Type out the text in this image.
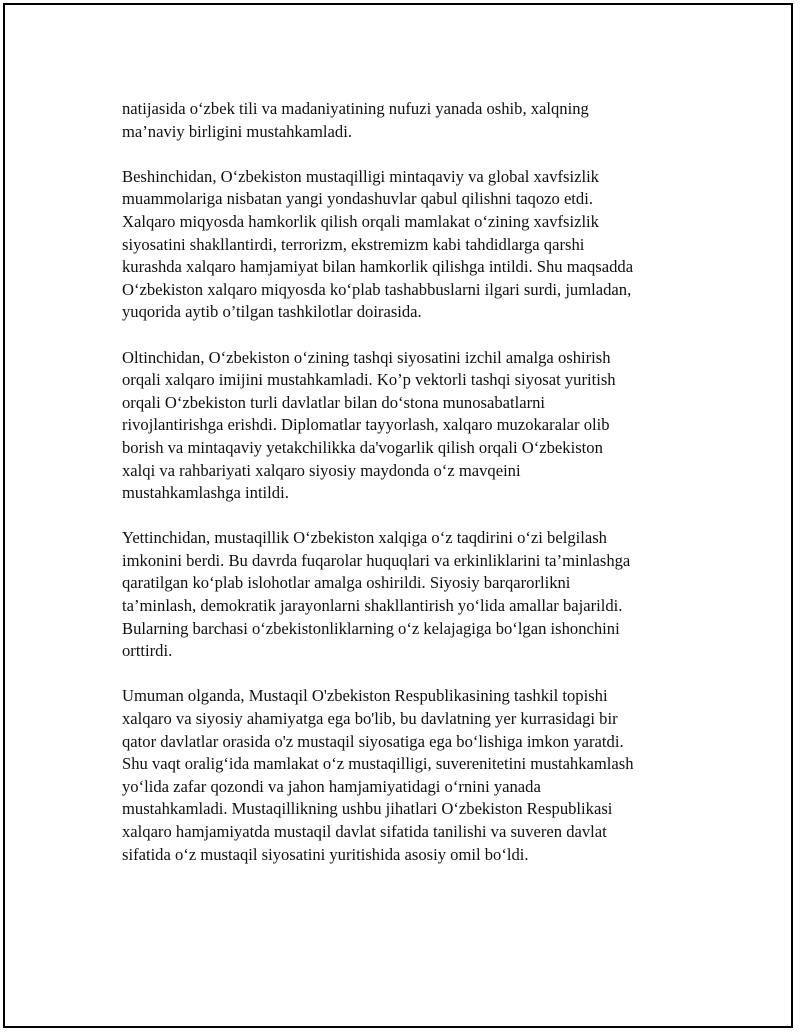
natijasida o‘zbek tili va madaniyatining nufuzi yanada oshib, xalqning
ma’naviy birligini mustahkamladi.

Beshinchidan, O‘zbekiston mustaqilligi mintaqaviy va global xavfsizlik
muammolariga nisbatan yangi yondashuvlar qabul qilishni taqozo etdi.
Xalqaro miqyosda hamkorlik qilish orqali mamlakat o‘zining xavfsizlik
siyosatini shakllantirdi, terrorizm, ekstremizm kabi tahdidlarga qarshi
kurashda xalqaro hamjamiyat bilan hamkorlik qilishga intildi. Shu maqsadda
O‘zbekiston xalqaro miqyosda ko‘plab tashabbuslarni ilgari surdi, jumladan,
yuqorida aytib o’tilgan tashkilotlar doirasida.

Oltinchidan, O‘zbekiston o‘zining tashqi siyosatini izchil amalga oshirish
orqali xalqaro imijini mustahkamladi. Ko’p vektorli tashqi siyosat yuritish
orqali O‘zbekiston turli davlatlar bilan do‘stona munosabatlarni
rivojlantirishga erishdi. Diplomatlar tayyorlash, xalqaro muzokaralar olib
borish va mintaqaviy yetakchilikka da'vogarlik qilish orqali O‘zbekiston
xalqi va rahbariyati xalqaro siyosiy maydonda o‘z mavqeini
mustahkamlashga intildi.

Yettinchidan, mustaqillik O‘zbekiston xalqiga o‘z taqdirini o‘zi belgilash
imkonini berdi. Bu davrda fuqarolar huquqlari va erkinliklarini ta’minlashga
qaratilgan ko‘plab islohotlar amalga oshirildi. Siyosiy barqarorlikni
ta’minlash, demokratik jarayonlarni shakllantirish yo‘lida amallar bajarildi.
Bularning barchasi o‘zbekistonliklarning o‘z kelajagiga bo‘lgan ishonchini
orttirdi.

Umuman olganda, Mustaqil O'zbekiston Respublikasining tashkil topishi
xalqaro va siyosiy ahamiyatga ega bo'lib, bu davlatning yer kurrasidagi bir
qator davlatlar orasida o'z mustaqil siyosatiga ega bo‘lishiga imkon yaratdi.
Shu vaqt oralig‘ida mamlakat o‘z mustaqilligi, suverenitetini mustahkamlash
yo‘lida zafar qozondi va jahon hamjamiyatidagi o‘rnini yanada
mustahkamladi. Mustaqillikning ushbu jihatlari O‘zbekiston Respublikasi
xalqaro hamjamiyatda mustaqil davlat sifatida tanilishi va suveren davlat
sifatida o‘z mustaqil siyosatini yuritishida asosiy omil bo‘ldi.
